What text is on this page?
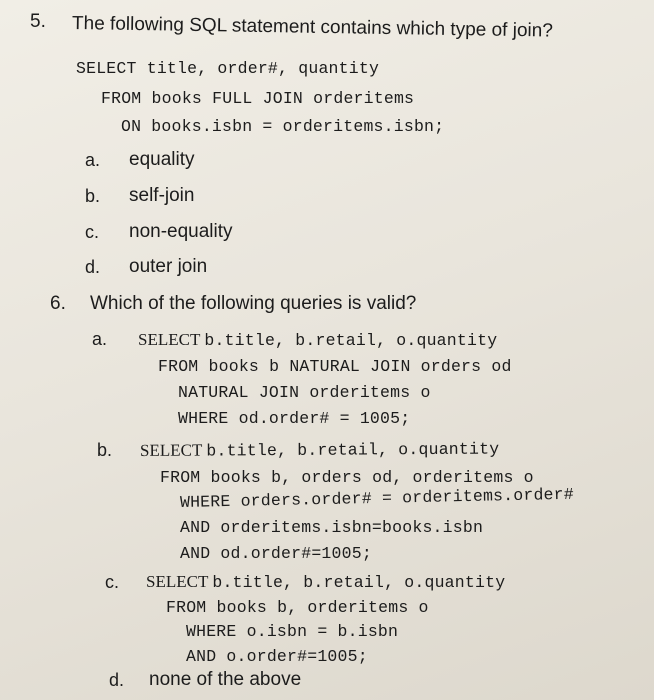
5. The following SQL statement contains which type of join?
SELECT title, order#, quantity
FROM books FULL JOIN orderitems
ON books.isbn = orderitems.isbn;
a. equality
b. self-join
c. non-equality
d. outer join
6. Which of the following queries is valid?
a. SELECT b.title, b.retail, o.quantity
FROM books b NATURAL JOIN orders od
NATURAL JOIN orderitems o
WHERE od.order# = 1005;
b. SELECT b.title, b.retail, o.quantity
FROM books b, orders od, orderitems o
WHERE orders.order# = orderitems.order#
AND orderitems.isbn=books.isbn
AND od.order#=1005;
c. SELECT b.title, b.retail, o.quantity
FROM books b, orderitems o
WHERE o.isbn = b.isbn
AND o.order#=1005;
d. none of the above
